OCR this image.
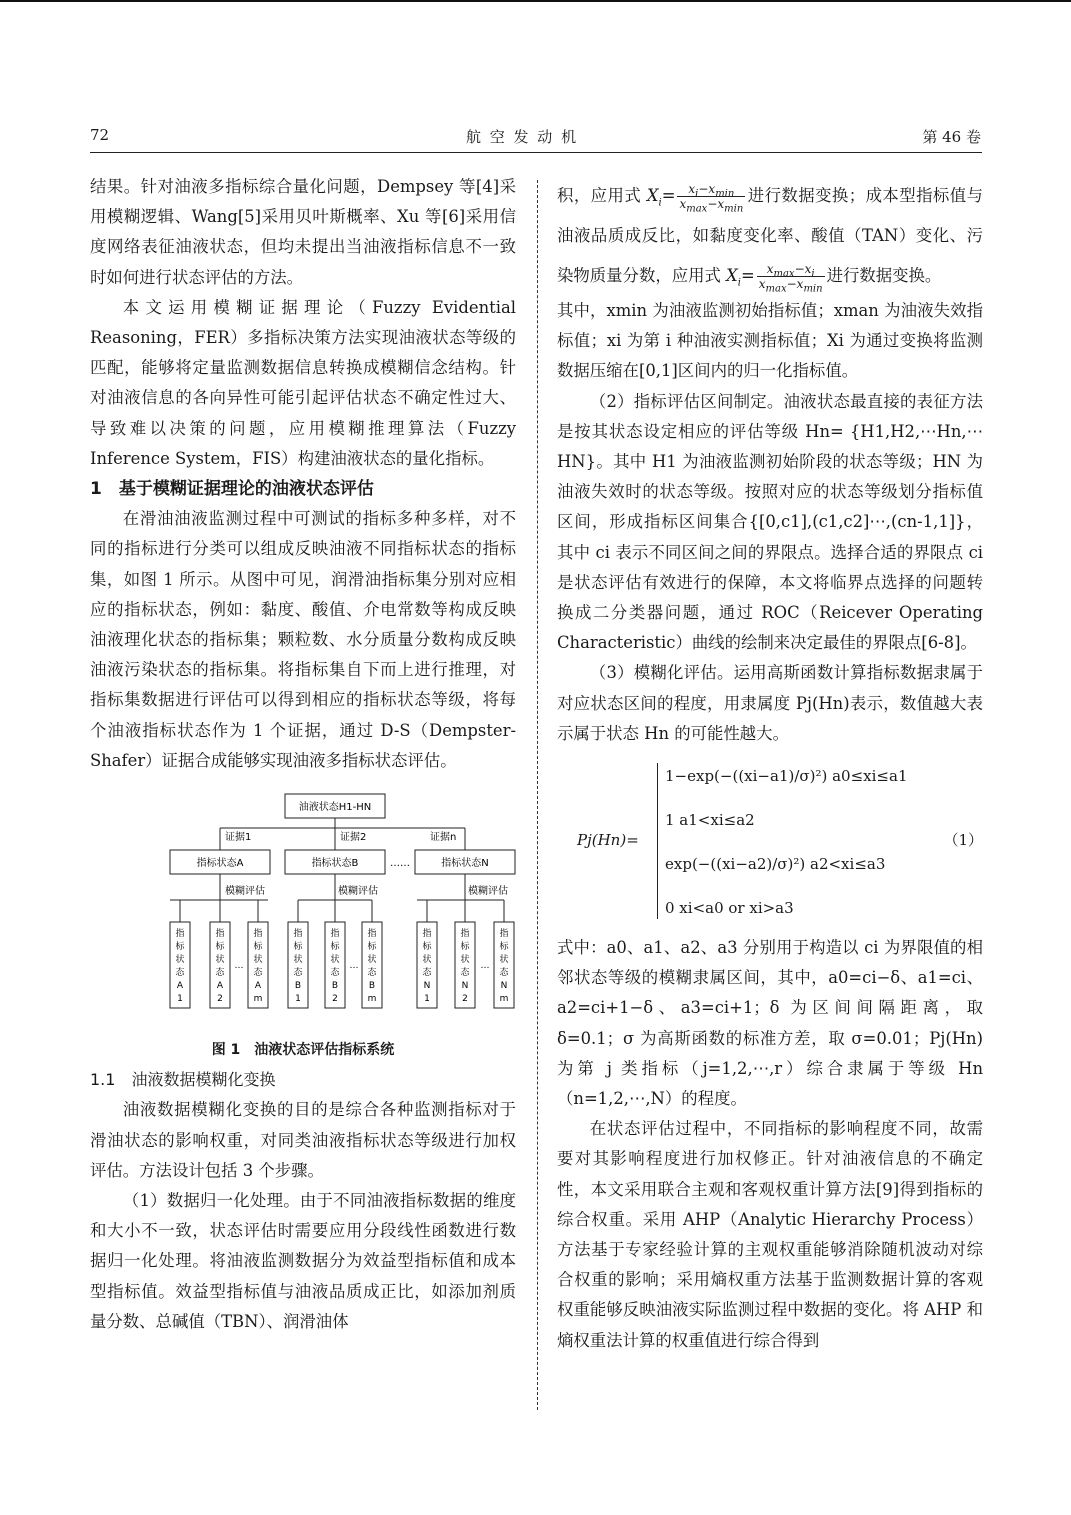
72	航 空 发 动 机	第 46 卷

结果。针对油液多指标综合量化问题，Dempsey 等[4]采用模糊逻辑、Wang[5]采用贝叶斯概率、Xu 等[6]采用信度网络表征油液状态，但均未提出当油液指标信息不一致时如何进行状态评估的方法。

本文运用模糊证据理论（Fuzzy Evidential Reasoning，FER）多指标决策方法实现油液状态等级的匹配，能够将定量监测数据信息转换成模糊信念结构。针对油液信息的各向异性可能引起评估状态不确定性过大、导致难以决策的问题，应用模糊推理算法（Fuzzy Inference System，FIS）构建油液状态的量化指标。

1　基于模糊证据理论的油液状态评估

在滑油油液监测过程中可测试的指标多种多样，对不同的指标进行分类可以组成反映油液不同指标状态的指标集，如图 1 所示。从图中可见，润滑油指标集分别对应相应的指标状态，例如：黏度、酸值、介电常数等构成反映油液理化状态的指标集；颗粒数、水分质量分数构成反映油液污染状态的指标集。将指标集自下而上进行推理，对指标集数据进行评估可以得到相应的指标状态等级，将每个油液指标状态作为 1 个证据，通过 D-S（Dempster-Shafer）证据合成能够实现油液多指标状态评估。

油液状态H1-HN
证据1	证据2	证据n
指标状态A	指标状态B	指标状态N
……
模糊评估	模糊评估	模糊评估
指标状态 A 1
指标状态 A 2
指标状态 A m
指标状态 B 1
指标状态 B 2
指标状态 B m
指标状态 N 1
指标状态 N 2
指标状态 N m
…	…	…

图 1　油液状态评估指标系统

1.1　油液数据模糊化变换

油液数据模糊化变换的目的是综合各种监测指标对于滑油状态的影响权重，对同类油液指标状态等级进行加权评估。方法设计包括 3 个步骤。

（1）数据归一化处理。由于不同油液指标数据的维度和大小不一致，状态评估时需要应用分段线性函数进行数据归一化处理。将油液监测数据分为效益型指标值和成本型指标值。效益型指标值与油液品质成正比，如添加剂质量分数、总碱值（TBN）、润滑油体

积，应用式 $X_i= \frac{x_i-x_{min}}{x_{max}-x_{min}}$ 进行数据变换；成本型指标值与油液品质成反比，如黏度变化率、酸值（TAN）变化、污染物质量分数，应用式 $X_i= \frac{x_{max}-x_i}{x_{max}-x_{min}}$ 进行数据变换。

其中，xmin 为油液监测初始指标值；xman 为油液失效指标值；xi 为第 i 种油液实测指标值；Xi 为通过变换将监测数据压缩在[0,1]区间内的归一化指标值。

（2）指标评估区间制定。油液状态最直接的表征方法是按其状态设定相应的评估等级 Hn= {H1,H2,⋯Hn,⋯HN}。其中 H1 为油液监测初始阶段的状态等级；HN 为油液失效时的状态等级。按照对应的状态等级划分指标值区间，形成指标区间集合{[0,c1],(c1,c2]⋯,(cn-1,1]}，其中 ci 表示不同区间之间的界限点。选择合适的界限点 ci 是状态评估有效进行的保障，本文将临界点选择的问题转换成二分类器问题，通过 ROC（Reicever Operating Characteristic）曲线的绘制来决定最佳的界限点[6-8]。

（3）模糊化评估。运用高斯函数计算指标数据隶属于对应状态区间的程度，用隶属度 Pj(Hn)表示，数值越大表示属于状态 Hn 的可能性越大。

Pj(Hn)=
1−exp(−((xi−a1)/σ)²) a0≤xi≤a1
1 a1<xi≤a2
exp(−((xi−a2)/σ)²) a2<xi≤a3
0 xi<a0 or xi>a3
（1）

式中：a0、a1、a2、a3 分别用于构造以 ci 为界限值的相邻状态等级的模糊隶属区间，其中，a0=ci−δ、a1=ci、a2=ci+1−δ、a3=ci+1；δ 为区间间隔距离，取 δ=0.1；σ 为高斯函数的标准方差，取 σ=0.01；Pj(Hn)为第 j 类指标（j=1,2,⋯,r）综合隶属于等级 Hn（n=1,2,⋯,N）的程度。

在状态评估过程中，不同指标的影响程度不同，故需要对其影响程度进行加权修正。针对油液信息的不确定性，本文采用联合主观和客观权重计算方法[9]得到指标的综合权重。采用 AHP（Analytic Hierarchy Process）方法基于专家经验计算的主观权重能够消除随机波动对综合权重的影响；采用熵权重方法基于监测数据计算的客观权重能够反映油液实际监测过程中数据的变化。将 AHP 和熵权重法计算的权重值进行综合得到
